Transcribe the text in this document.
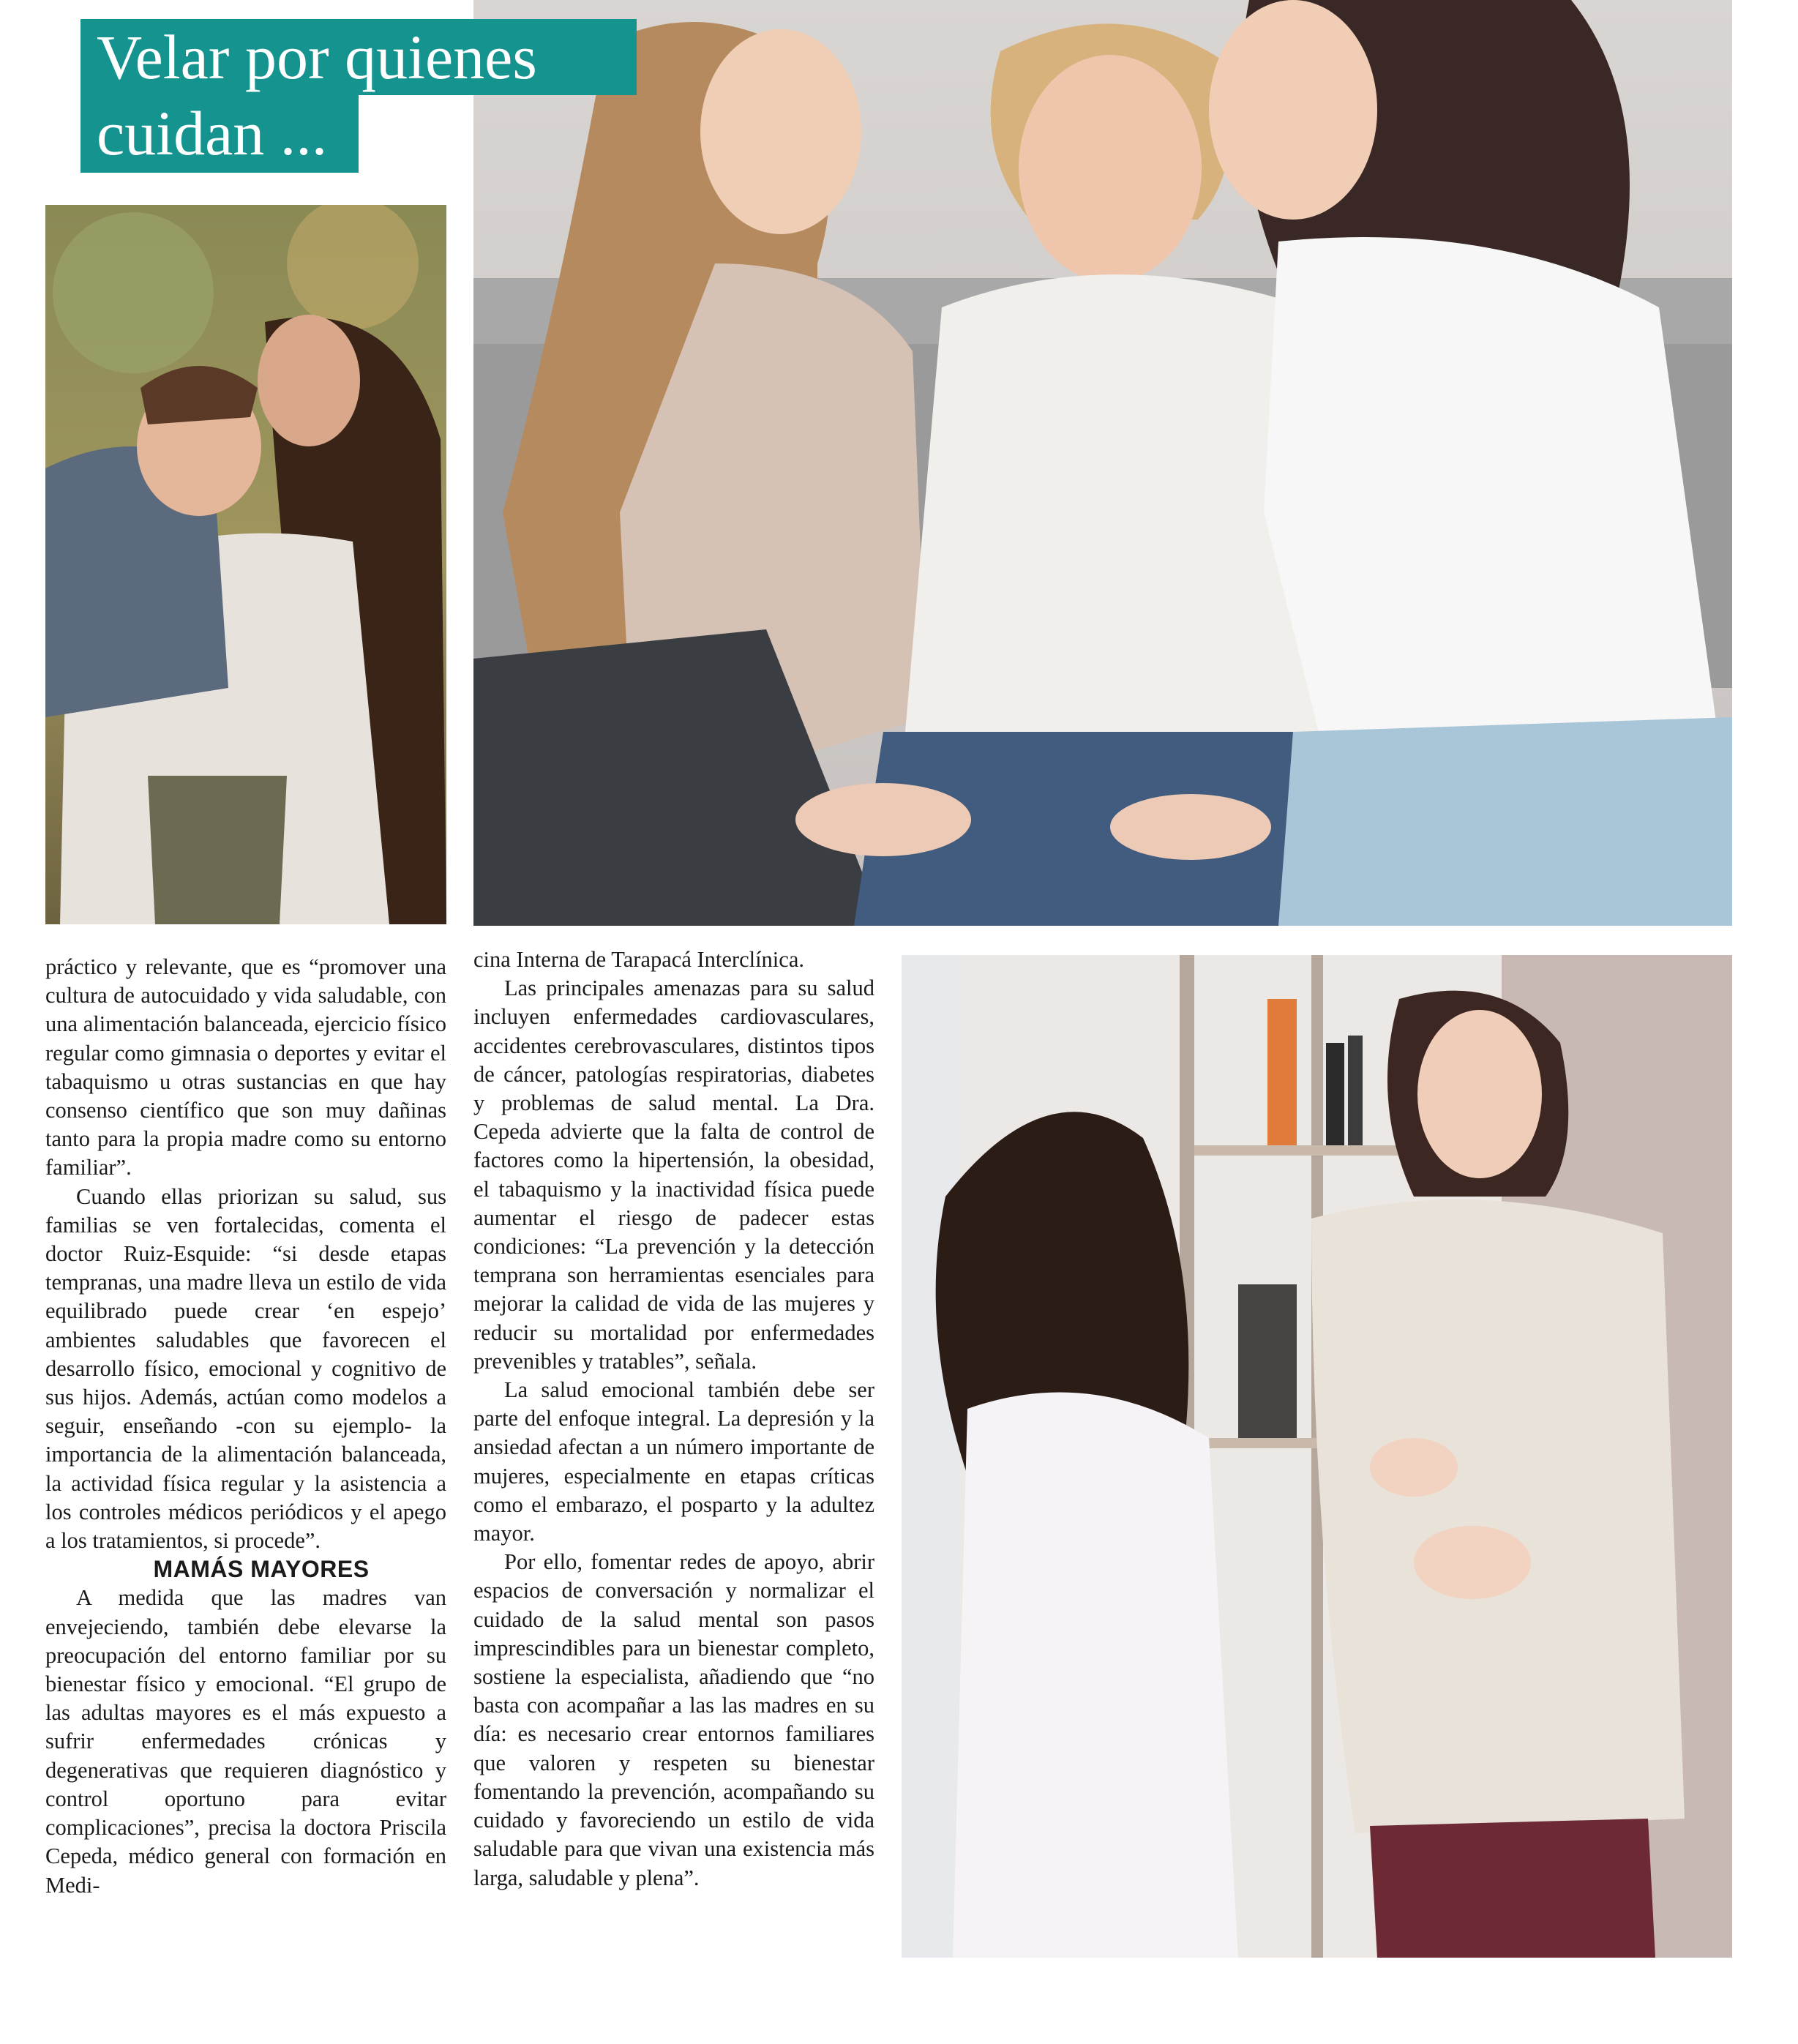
Velar por quienes
cuidan ...

práctico y relevante, que es “promover una cultura de autocuidado y vida saludable, con una alimentación balanceada, ejercicio físico regular como gimnasia o deportes y evitar el tabaquismo u otras sustancias en que hay consenso científico que son muy dañinas tanto para la propia madre como su entorno familiar”.

Cuando ellas priorizan su salud, sus familias se ven fortalecidas, comenta el doctor Ruiz-Esquide: “si desde etapas tempranas, una madre lleva un estilo de vida equilibrado puede crear ‘en espejo’ ambientes saludables que favorecen el desarrollo físico, emocional y cognitivo de sus hijos. Además, actúan como modelos a seguir, enseñando -con su ejemplo- la importancia de la alimentación balanceada, la actividad física regular y la asistencia a los controles médicos periódicos y el apego a los tratamientos, si procede”.

MAMÁS MAYORES

A medida que las madres van envejeciendo, también debe elevarse la preocupación del entorno familiar por su bienestar físico y emocional. “El grupo de las adultas mayores es el más expuesto a sufrir enfermedades crónicas y degenerativas que requieren diagnóstico y control oportuno para evitar complicaciones”, precisa la doctora Priscila Cepeda, médico general con formación en Medi-

cina Interna de Tarapacá Interclínica.

Las principales amenazas para su salud incluyen enfermedades cardiovasculares, accidentes cerebrovasculares, distintos tipos de cáncer, patologías respiratorias, diabetes y problemas de salud mental. La Dra. Cepeda advierte que la falta de control de factores como la hipertensión, la obesidad, el tabaquismo y la inactividad física puede aumentar el riesgo de padecer estas condiciones: “La prevención y la detección temprana son herramientas esenciales para mejorar la calidad de vida de las mujeres y reducir su mortalidad por enfermedades prevenibles y tratables”, señala.

La salud emocional también debe ser parte del enfoque integral. La depresión y la ansiedad afectan a un número importante de mujeres, especialmente en etapas críticas como el embarazo, el posparto y la adultez mayor.

Por ello, fomentar redes de apoyo, abrir espacios de conversación y normalizar el cuidado de la salud mental son pasos imprescindibles para un bienestar completo, sostiene la especialista, añadiendo que “no basta con acompañar a las las madres en su día: es necesario crear entornos familiares que valoren y respeten su bienestar fomentando la prevención, acompañando su cuidado y favoreciendo un estilo de vida saludable para que vivan una existencia más larga, saludable y plena”.
